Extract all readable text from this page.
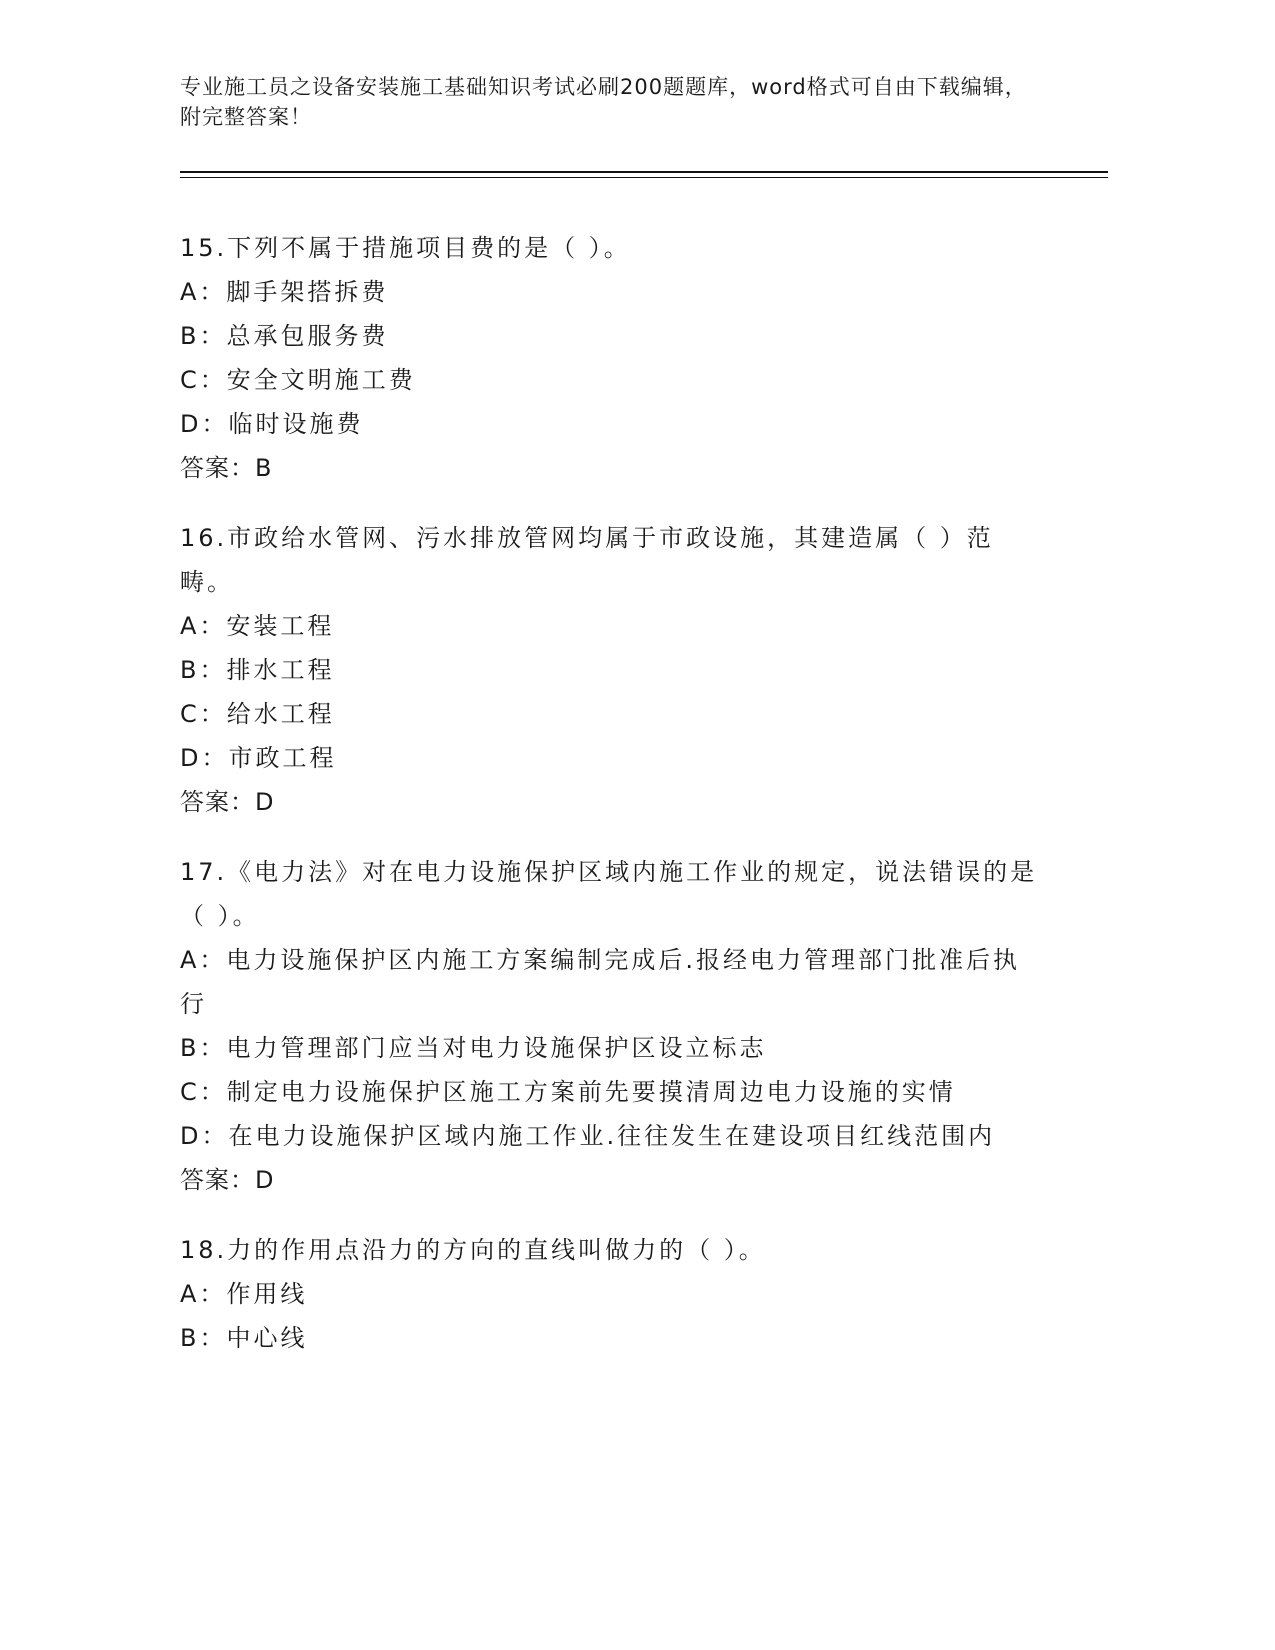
专业施工员之设备安装施工基础知识考试必刷200题题库，word格式可自由下载编辑，附完整答案！
15.下列不属于措施项目费的是（ ）。
A：脚手架搭拆费
B：总承包服务费
C：安全文明施工费
D：临时设施费
答案：B
16.市政给水管网、污水排放管网均属于市政设施，其建造属（ ）范畴。
A：安装工程
B：排水工程
C：给水工程
D：市政工程
答案：D
17.《电力法》对在电力设施保护区域内施工作业的规定，说法错误的是（ ）。
A：电力设施保护区内施工方案编制完成后.报经电力管理部门批准后执行
B：电力管理部门应当对电力设施保护区设立标志
C：制定电力设施保护区施工方案前先要摸清周边电力设施的实情
D：在电力设施保护区域内施工作业.往往发生在建设项目红线范围内
答案：D
18.力的作用点沿力的方向的直线叫做力的（ ）。
A：作用线
B：中心线
